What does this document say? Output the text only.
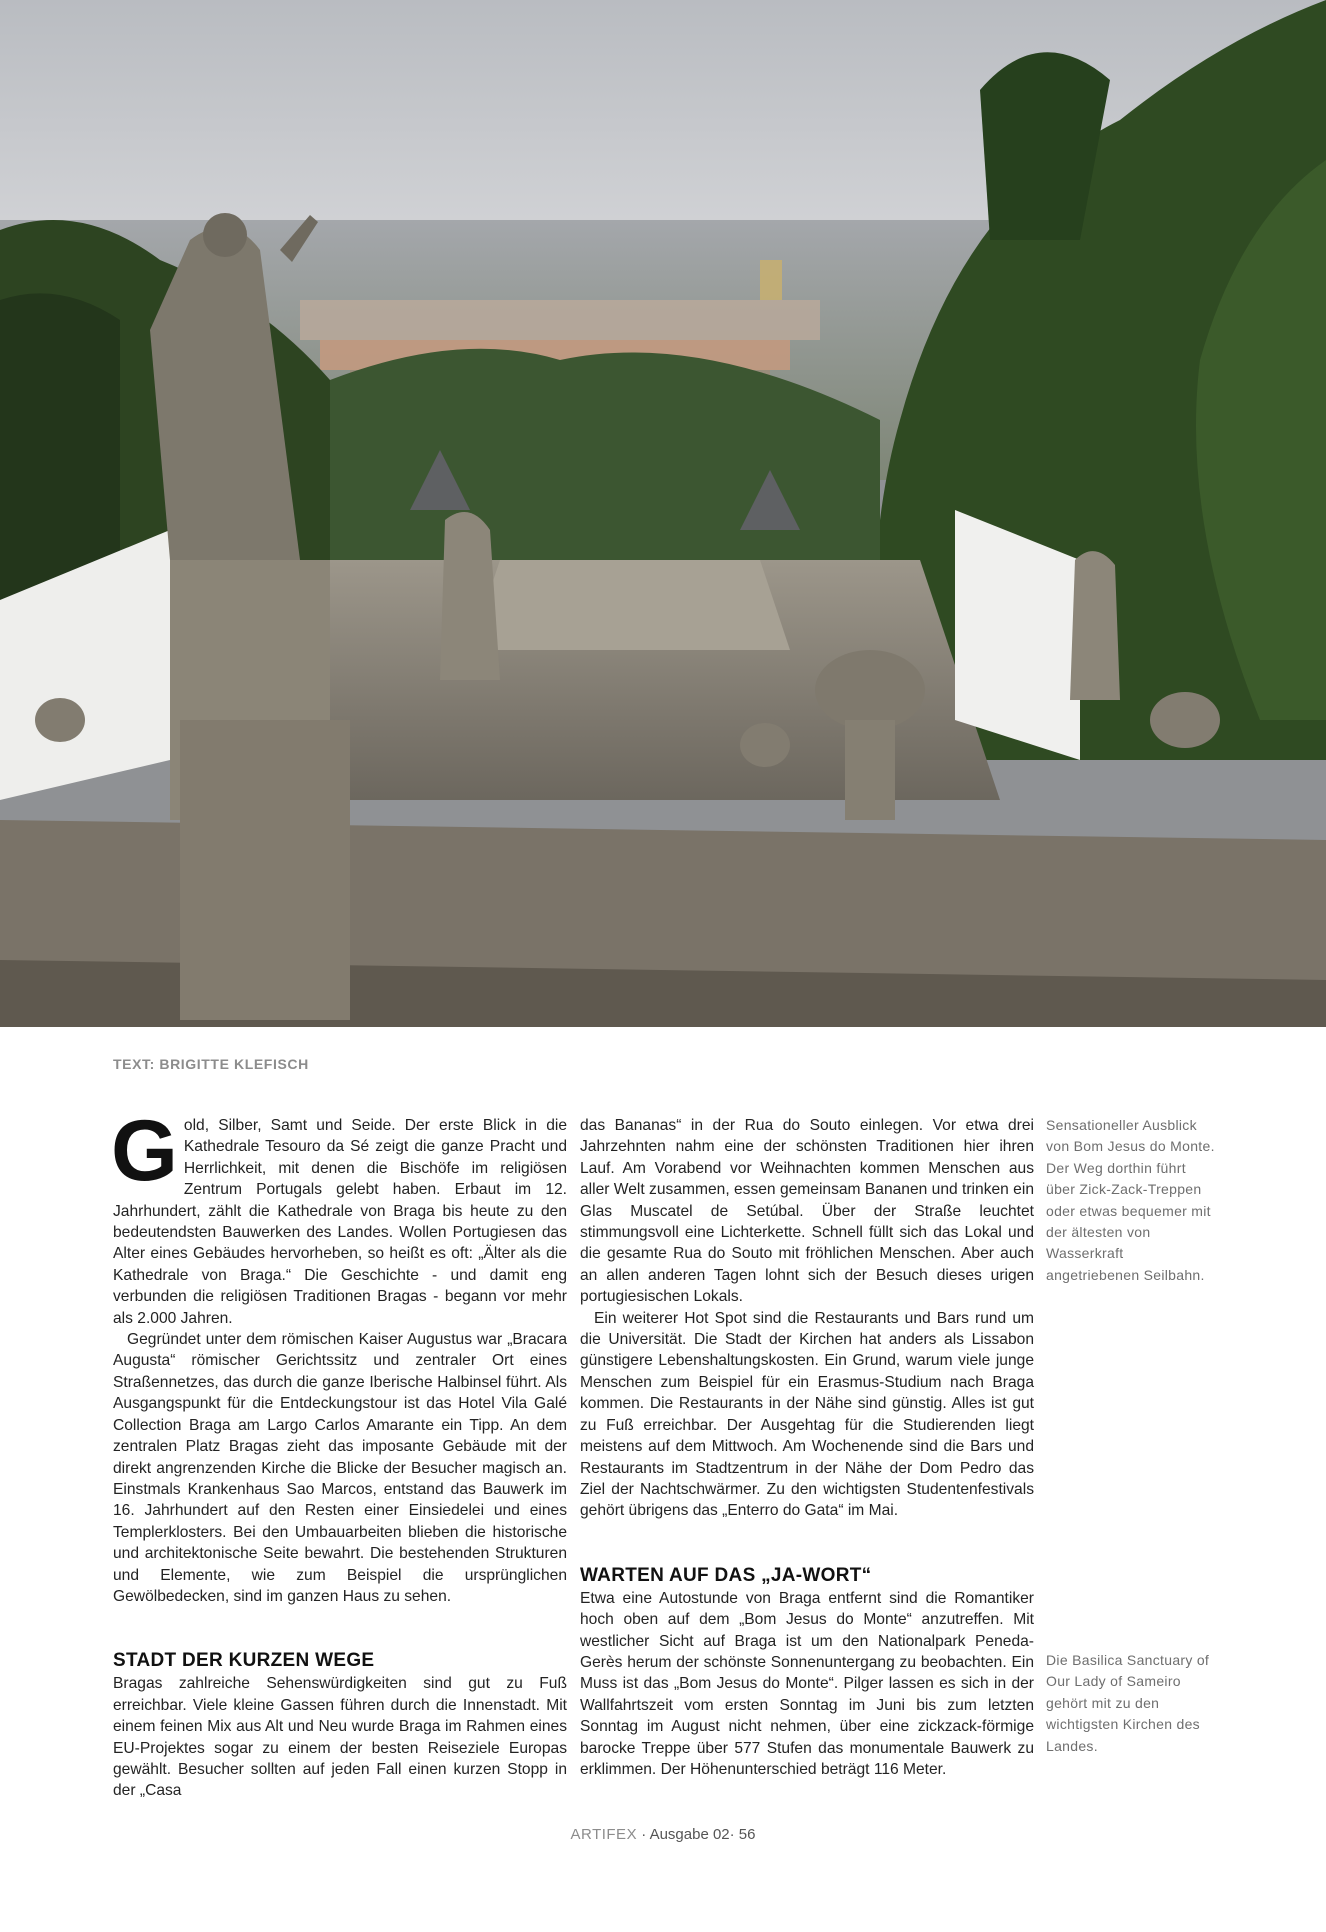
TEXT: BRIGITTE KLEFISCH

Gold, Silber, Samt und Seide. Der erste Blick in die Kathedrale Tesouro da Sé zeigt die ganze Pracht und Herrlichkeit, mit denen die Bischöfe im religiösen Zentrum Portugals gelebt haben. Erbaut im 12. Jahrhundert, zählt die Kathedrale von Braga bis heute zu den bedeutendsten Bauwerken des Landes. Wollen Portugiesen das Alter eines Gebäudes hervorheben, so heißt es oft: „Älter als die Kathedrale von Braga.“ Die Geschichte - und damit eng verbunden die religiösen Traditionen Bragas - begann vor mehr als 2.000 Jahren.

Gegründet unter dem römischen Kaiser Augustus war „Bracara Augusta“ römischer Gerichtssitz und zentraler Ort eines Straßennetzes, das durch die ganze Iberische Halbinsel führt. Als Ausgangspunkt für die Entdeckungstour ist das Hotel Vila Galé Collection Braga am Largo Carlos Amarante ein Tipp. An dem zentralen Platz Bragas zieht das imposante Gebäude mit der direkt angrenzenden Kirche die Blicke der Besucher magisch an. Einstmals Krankenhaus Sao Marcos, entstand das Bauwerk im 16. Jahrhundert auf den Resten einer Einsiedelei und eines Templerklosters. Bei den Umbauarbeiten blieben die historische und architektonische Seite bewahrt. Die bestehenden Strukturen und Elemente, wie zum Beispiel die ursprünglichen Gewölbedecken, sind im ganzen Haus zu sehen.

STADT DER KURZEN WEGE

Bragas zahlreiche Sehenswürdigkeiten sind gut zu Fuß erreichbar. Viele kleine Gassen führen durch die Innenstadt. Mit einem feinen Mix aus Alt und Neu wurde Braga im Rahmen eines EU-Projektes sogar zu einem der besten Reiseziele Europas gewählt. Besucher sollten auf jeden Fall einen kurzen Stopp in der „Casa

das Bananas“ in der Rua do Souto einlegen. Vor etwa drei Jahrzehnten nahm eine der schönsten Traditionen hier ihren Lauf. Am Vorabend vor Weihnachten kommen Menschen aus aller Welt zusammen, essen gemeinsam Bananen und trinken ein Glas Muscatel de Setúbal. Über der Straße leuchtet stimmungsvoll eine Lichterkette. Schnell füllt sich das Lokal und die gesamte Rua do Souto mit fröhlichen Menschen. Aber auch an allen anderen Tagen lohnt sich der Besuch dieses urigen portugiesischen Lokals.

Ein weiterer Hot Spot sind die Restaurants und Bars rund um die Universität. Die Stadt der Kirchen hat anders als Lissabon günstigere Lebenshaltungskosten. Ein Grund, warum viele junge Menschen zum Beispiel für ein Erasmus-Studium nach Braga kommen. Die Restaurants in der Nähe sind günstig. Alles ist gut zu Fuß erreichbar. Der Ausgehtag für die Studierenden liegt meistens auf dem Mittwoch. Am Wochenende sind die Bars und Restaurants im Stadtzentrum in der Nähe der Dom Pedro das Ziel der Nachtschwärmer. Zu den wichtigsten Studentenfestivals gehört übrigens das „Enterro do Gata“ im Mai.

WARTEN AUF DAS „JA-WORT“

Etwa eine Autostunde von Braga entfernt sind die Romantiker hoch oben auf dem „Bom Jesus do Monte“ anzutreffen. Mit westlicher Sicht auf Braga ist um den Nationalpark Peneda-Gerès herum der schönste Sonnenuntergang zu beobachten. Ein Muss ist das „Bom Jesus do Monte“. Pilger lassen es sich in der Wallfahrtszeit vom ersten Sonntag im Juni bis zum letzten Sonntag im August nicht nehmen, über eine zickzack-förmige barocke Treppe über 577 Stufen das monumentale Bauwerk zu erklimmen. Der Höhenunterschied beträgt 116 Meter.

Sensationeller Ausblick von Bom Jesus do Monte. Der Weg dorthin führt über Zick-Zack-Treppen oder etwas bequemer mit der ältesten von Wasserkraft angetriebenen Seilbahn.
Die Basilica Sanctuary of Our Lady of Sameiro gehört mit zu den wichtigsten Kirchen des Landes.
ARTIFEX · Ausgabe 02· 56
